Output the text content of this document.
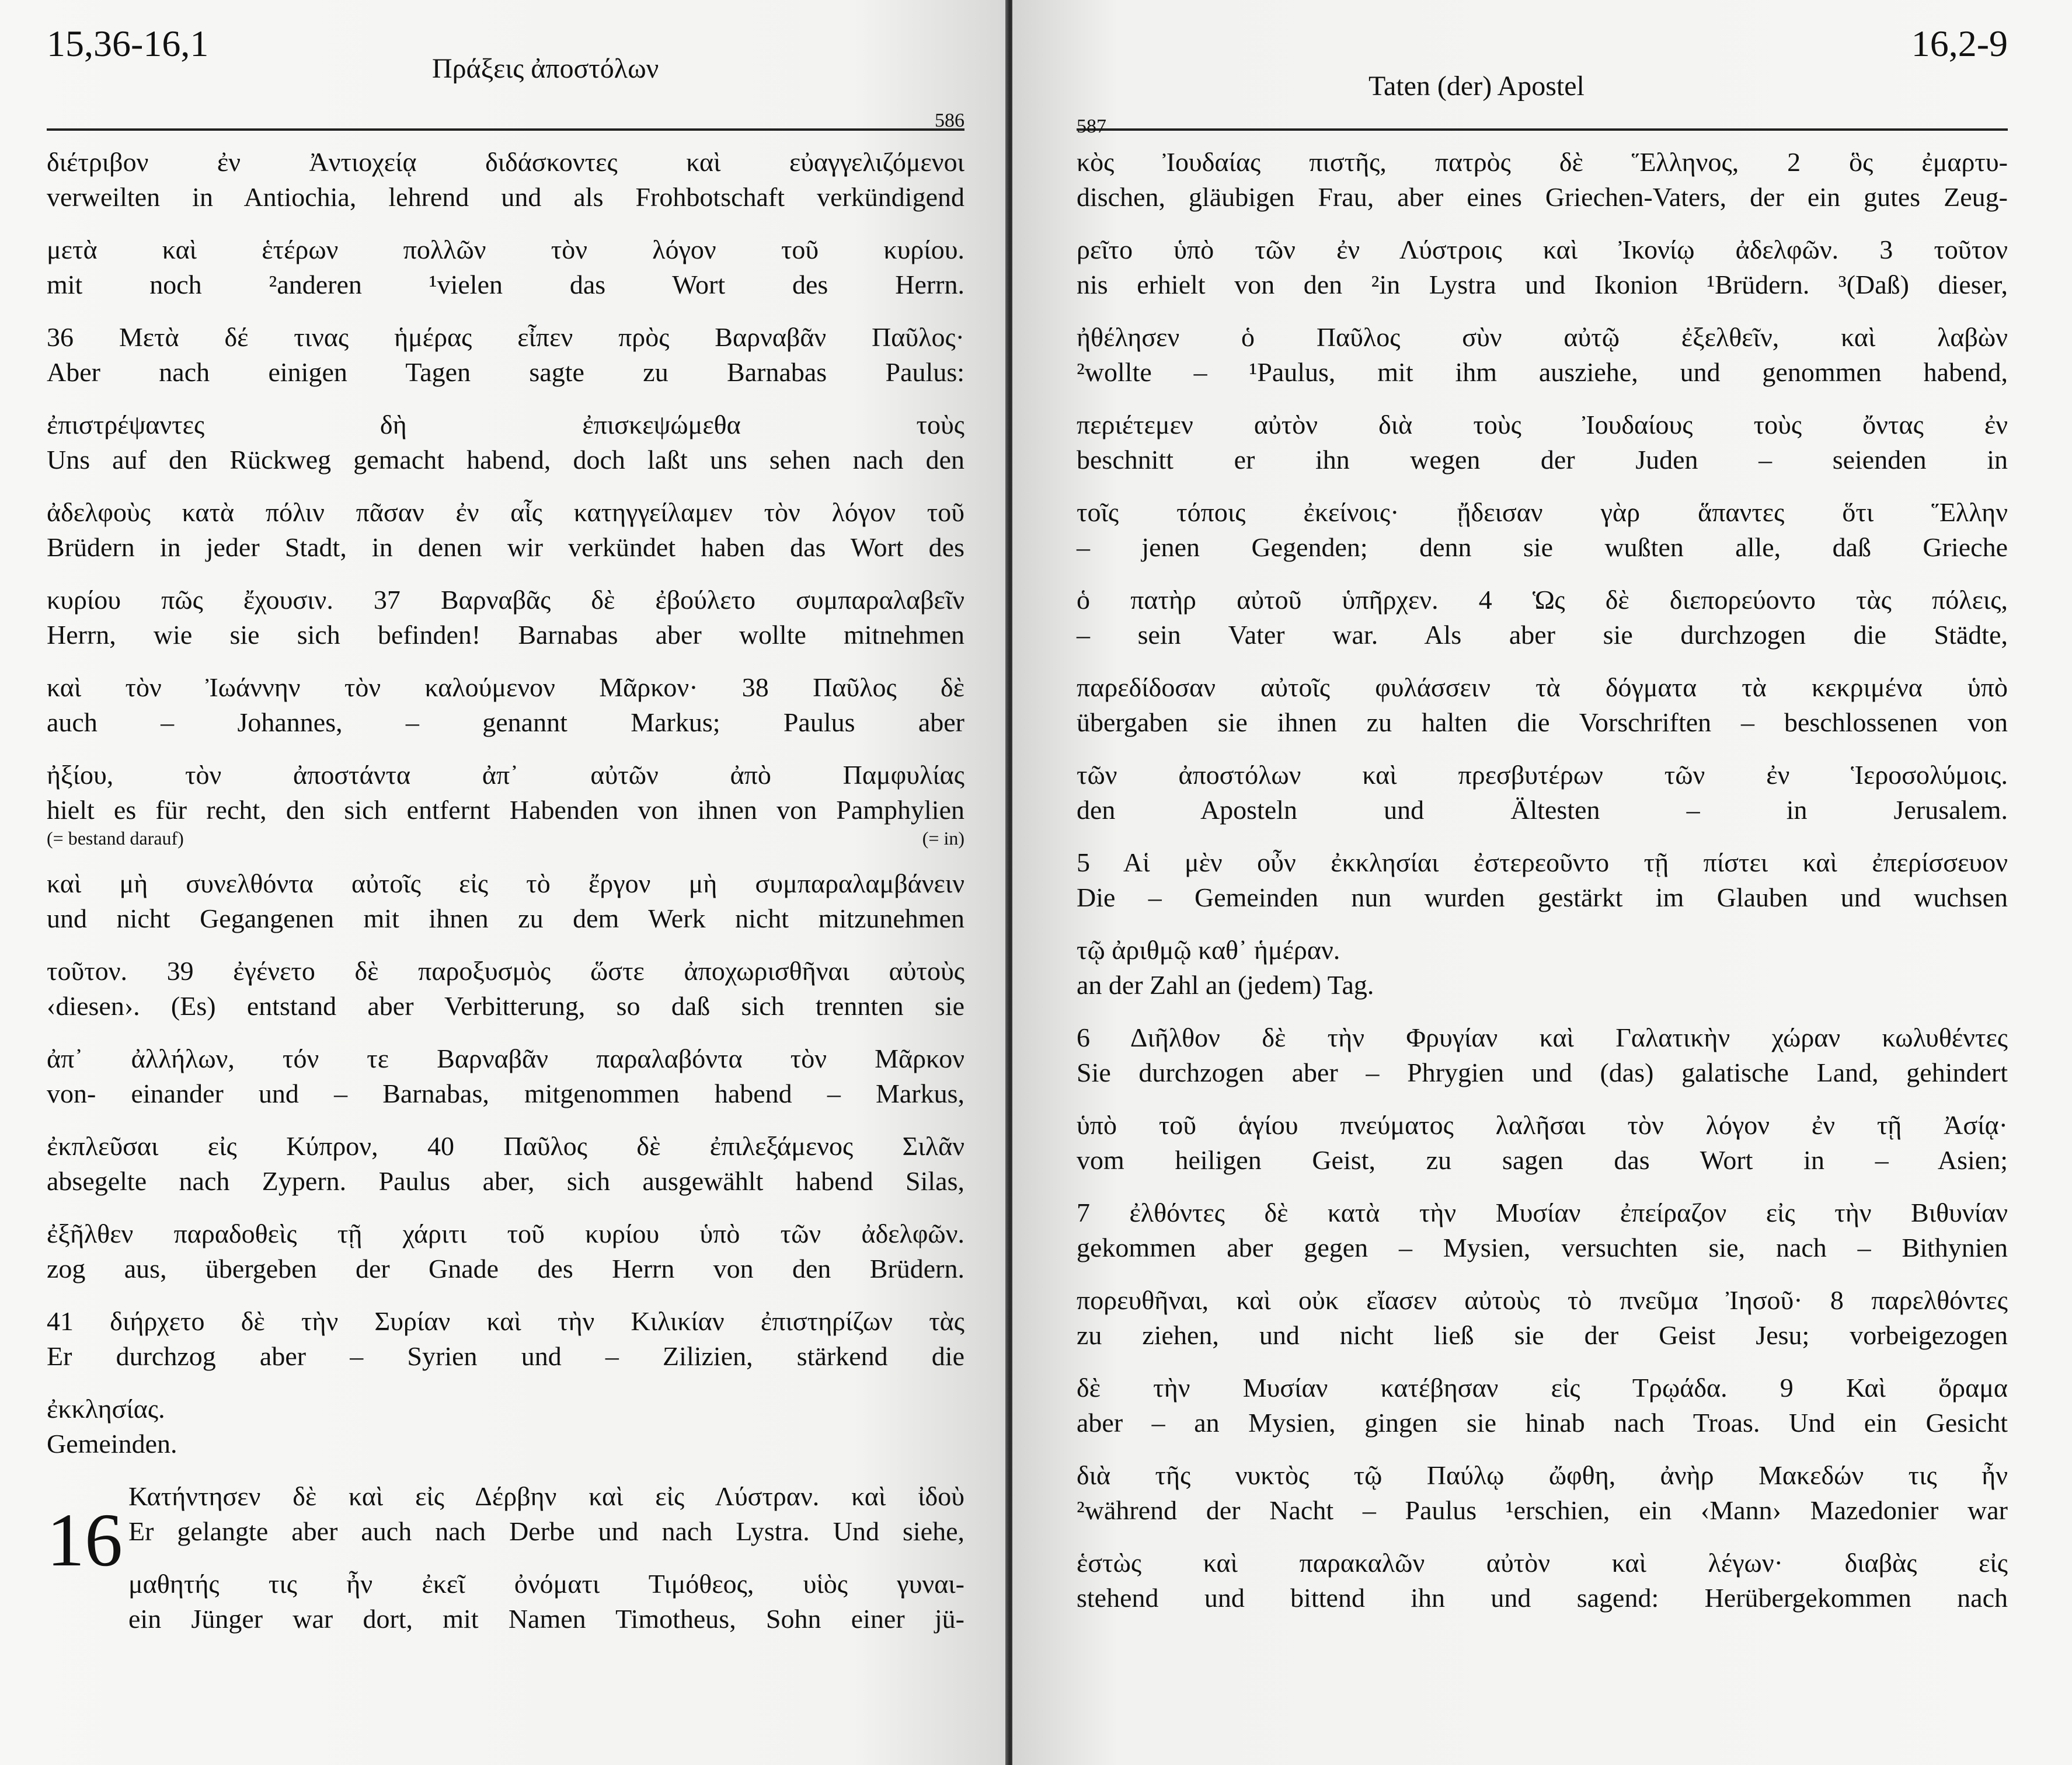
15,36-16,1
Πράξεις ἀποστόλων
586
διέτριβον ἐν Ἀντιοχείᾳ διδάσκοντες καὶ εὐαγγελιζόμενοι
verweilten in Antiochia, lehrend und als Frohbotschaft verkündigend
μετὰ καὶ ἑτέρων πολλῶν τὸν λόγον τοῦ κυρίου.
mit noch ²anderen ¹vielen das Wort des Herrn.
36 Μετὰ δέ τινας ἡμέρας εἶπεν πρὸς Βαρναβᾶν Παῦλος·
Aber nach einigen Tagen sagte zu Barnabas Paulus:
ἐπιστρέψαντες δὴ ἐπισκεψώμεθα τοὺς
Uns auf den Rückweg gemacht habend, doch laßt uns sehen nach den
ἀδελφοὺς κατὰ πόλιν πᾶσαν ἐν αἷς κατηγγείλαμεν τὸν λόγον τοῦ
Brüdern in jeder Stadt, in denen wir verkündet haben das Wort des
κυρίου πῶς ἔχουσιν. 37 Βαρναβᾶς δὲ ἐβούλετο συμπαραλαβεῖν
Herrn, wie sie sich befinden! Barnabas aber wollte mitnehmen
καὶ τὸν Ἰωάννην τὸν καλούμενον Μᾶρκον· 38 Παῦλος δὲ
auch – Johannes, – genannt Markus; Paulus aber
ἠξίου, τὸν ἀποστάντα ἀπ᾽ αὐτῶν ἀπὸ Παμφυλίας
hielt es für recht, den sich entfernt Habenden von ihnen von Pamphylien
(= bestand darauf)	(= in)
καὶ μὴ συνελθόντα αὐτοῖς εἰς τὸ ἔργον μὴ συμπαραλαμβάνειν
und nicht Gegangenen mit ihnen zu dem Werk nicht mitzunehmen
τοῦτον. 39 ἐγένετο δὲ παροξυσμὸς ὥστε ἀποχωρισθῆναι αὐτοὺς
‹diesen›. (Es) entstand aber Verbitterung, so daß sich trennten sie
ἀπ᾽ ἀλλήλων, τόν τε Βαρναβᾶν παραλαβόντα τὸν Μᾶρκον
von- einander und – Barnabas, mitgenommen habend – Markus,
ἐκπλεῦσαι εἰς Κύπρον, 40 Παῦλος δὲ ἐπιλεξάμενος Σιλᾶν
absegelte nach Zypern. Paulus aber, sich ausgewählt habend Silas,
ἐξῆλθεν παραδοθεὶς τῇ χάριτι τοῦ κυρίου ὑπὸ τῶν ἀδελφῶν.
zog aus, übergeben der Gnade des Herrn von den Brüdern.
41 διήρχετο δὲ τὴν Συρίαν καὶ τὴν Κιλικίαν ἐπιστηρίζων τὰς
Er durchzog aber – Syrien und – Zilizien, stärkend die
ἐκκλησίας.
Gemeinden.
16
Κατήντησεν δὲ καὶ εἰς Δέρβην καὶ εἰς Λύστραν. καὶ ἰδοὺ
Er gelangte aber auch nach Derbe und nach Lystra. Und siehe,
μαθητής τις ἦν ἐκεῖ ὀνόματι Τιμόθεος, υἱὸς γυναι-
ein Jünger war dort, mit Namen Timotheus, Sohn einer jü-
587
Taten (der) Apostel
16,2-9
κὸς Ἰουδαίας πιστῆς, πατρὸς δὲ Ἕλληνος, 2 ὃς ἐμαρτυ-
dischen, gläubigen Frau, aber eines Griechen-Vaters, der ein gutes Zeug-
ρεῖτο ὑπὸ τῶν ἐν Λύστροις καὶ Ἰκονίῳ ἀδελφῶν. 3 τοῦτον
nis erhielt von den ²in Lystra und Ikonion ¹Brüdern. ³(Daß) dieser,
ἠθέλησεν ὁ Παῦλος σὺν αὐτῷ ἐξελθεῖν, καὶ λαβὼν
²wollte – ¹Paulus, mit ihm ausziehe, und genommen habend,
περιέτεμεν αὐτὸν διὰ τοὺς Ἰουδαίους τοὺς ὄντας ἐν
beschnitt er ihn wegen der Juden – seienden in
τοῖς τόποις ἐκείνοις· ᾔδεισαν γὰρ ἅπαντες ὅτι Ἕλλην
– jenen Gegenden; denn sie wußten alle, daß Grieche
ὁ πατὴρ αὐτοῦ ὑπῆρχεν. 4 Ὡς δὲ διεπορεύοντο τὰς πόλεις,
– sein Vater war. Als aber sie durchzogen die Städte,
παρεδίδοσαν αὐτοῖς φυλάσσειν τὰ δόγματα τὰ κεκριμένα ὑπὸ
übergaben sie ihnen zu halten die Vorschriften – beschlossenen von
τῶν ἀποστόλων καὶ πρεσβυτέρων τῶν ἐν Ἱεροσολύμοις.
den Aposteln und Ältesten – in Jerusalem.
5 Αἱ μὲν οὖν ἐκκλησίαι ἐστερεοῦντο τῇ πίστει καὶ ἐπερίσσευον
Die – Gemeinden nun wurden gestärkt im Glauben und wuchsen
τῷ ἀριθμῷ καθ᾽ ἡμέραν.
an der Zahl an (jedem) Tag.
6 Διῆλθον δὲ τὴν Φρυγίαν καὶ Γαλατικὴν χώραν κωλυθέντες
Sie durchzogen aber – Phrygien und (das) galatische Land, gehindert
ὑπὸ τοῦ ἁγίου πνεύματος λαλῆσαι τὸν λόγον ἐν τῇ Ἀσίᾳ·
vom heiligen Geist, zu sagen das Wort in – Asien;
7 ἐλθόντες δὲ κατὰ τὴν Μυσίαν ἐπείραζον εἰς τὴν Βιθυνίαν
gekommen aber gegen – Mysien, versuchten sie, nach – Bithynien
πορευθῆναι, καὶ οὐκ εἴασεν αὐτοὺς τὸ πνεῦμα Ἰησοῦ· 8 παρελθόντες
zu ziehen, und nicht ließ sie der Geist Jesu; vorbeigezogen
δὲ τὴν Μυσίαν κατέβησαν εἰς Τρῳάδα. 9 Καὶ ὅραμα
aber – an Mysien, gingen sie hinab nach Troas. Und ein Gesicht
διὰ τῆς νυκτὸς τῷ Παύλῳ ὤφθη, ἀνὴρ Μακεδών τις ἦν
²während der Nacht – Paulus ¹erschien, ein ‹Mann› Mazedonier war
ἑστὼς καὶ παρακαλῶν αὐτὸν καὶ λέγων· διαβὰς εἰς
stehend und bittend ihn und sagend: Herübergekommen nach
